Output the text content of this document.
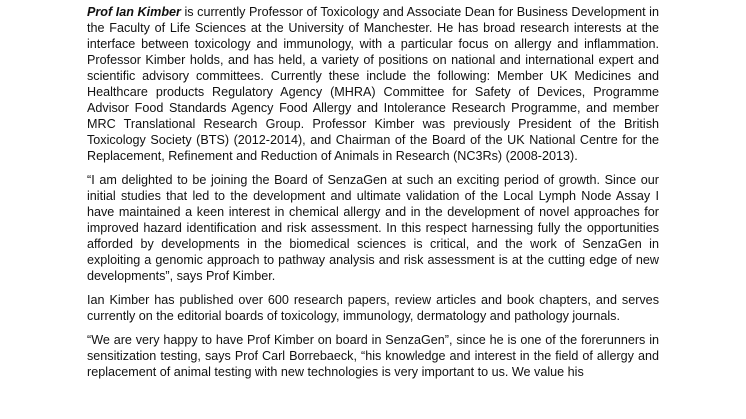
Prof Ian Kimber is currently Professor of Toxicology and Associate Dean for Business Development in the Faculty of Life Sciences at the University of Manchester. He has broad research interests at the interface between toxicology and immunology, with a particular focus on allergy and inflammation. Professor Kimber holds, and has held, a variety of positions on national and international expert and scientific advisory committees. Currently these include the following: Member UK Medicines and Healthcare products Regulatory Agency (MHRA) Committee for Safety of Devices, Programme Advisor Food Standards Agency Food Allergy and Intolerance Research Programme, and member MRC Translational Research Group. Professor Kimber was previously President of the British Toxicology Society (BTS) (2012-2014), and Chairman of the Board of the UK National Centre for the Replacement, Refinement and Reduction of Animals in Research (NC3Rs) (2008-2013).

“I am delighted to be joining the Board of SenzaGen at such an exciting period of growth. Since our initial studies that led to the development and ultimate validation of the Local Lymph Node Assay I have maintained a keen interest in chemical allergy and in the development of novel approaches for improved hazard identification and risk assessment. In this respect harnessing fully the opportunities afforded by developments in the biomedical sciences is critical, and the work of SenzaGen in exploiting a genomic approach to pathway analysis and risk assessment is at the cutting edge of new developments”, says Prof Kimber.

Ian Kimber has published over 600 research papers, review articles and book chapters, and serves currently on the editorial boards of toxicology, immunology, dermatology and pathology journals.

“We are very happy to have Prof Kimber on board in SenzaGen”, since he is one of the forerunners in sensitization testing, says Prof Carl Borrebaeck, “his knowledge and interest in the field of allergy and replacement of animal testing with new technologies is very important to us. We value his
